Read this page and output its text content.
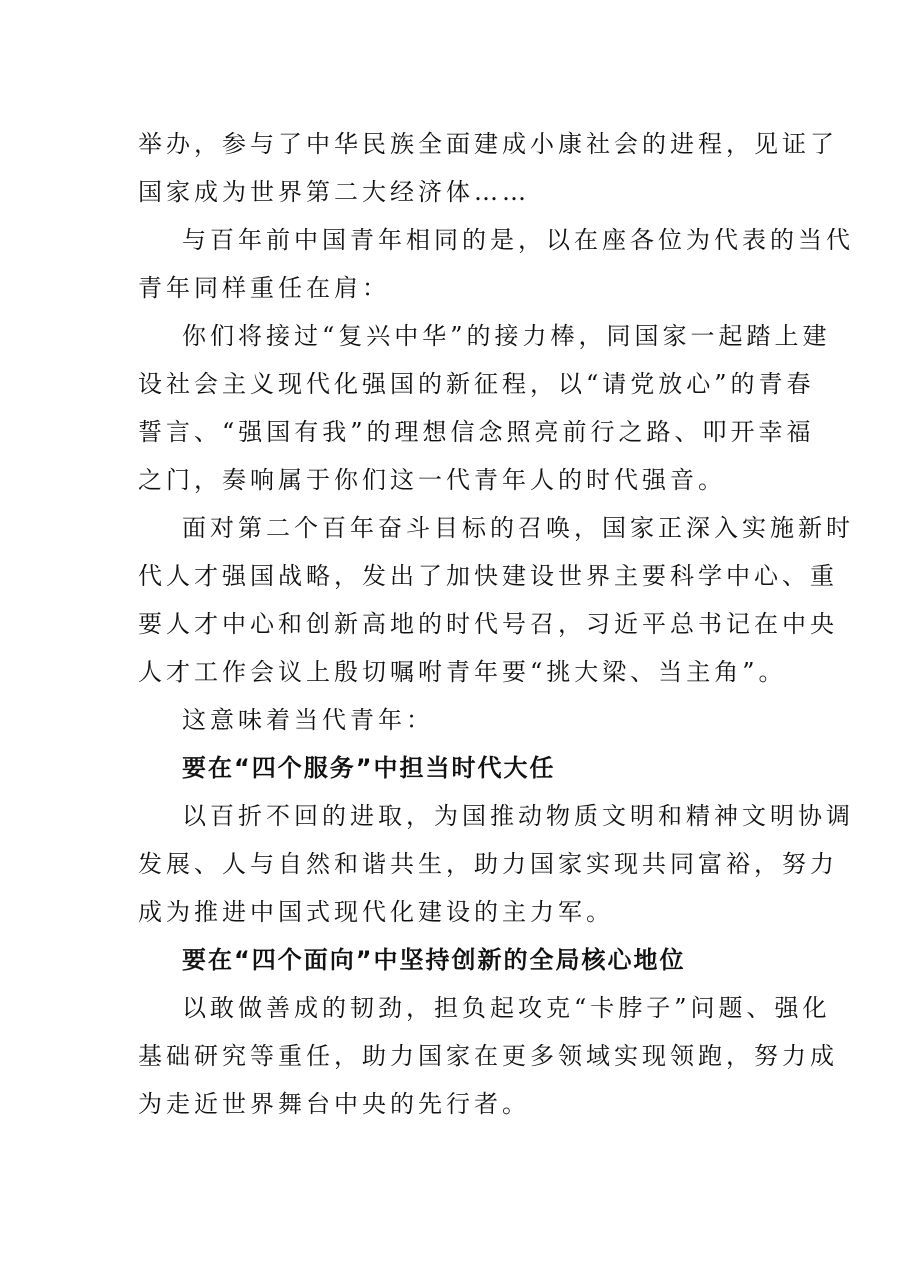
举办，参与了中华民族全面建成小康社会的进程，见证了
国家成为世界第二大经济体……
与百年前中国青年相同的是，以在座各位为代表的当代
青年同样重任在肩：
你们将接过“复兴中华”的接力棒，同国家一起踏上建
设社会主义现代化强国的新征程，以“请党放心”的青春
誓言、“强国有我”的理想信念照亮前行之路、叩开幸福
之门，奏响属于你们这一代青年人的时代强音。
面对第二个百年奋斗目标的召唤，国家正深入实施新时
代人才强国战略，发出了加快建设世界主要科学中心、重
要人才中心和创新高地的时代号召，习近平总书记在中央
人才工作会议上殷切嘱咐青年要“挑大梁、当主角”。
这意味着当代青年：
要在“四个服务”中担当时代大任
以百折不回的进取，为国推动物质文明和精神文明协调
发展、人与自然和谐共生，助力国家实现共同富裕，努力
成为推进中国式现代化建设的主力军。
要在“四个面向”中坚持创新的全局核心地位
以敢做善成的韧劲，担负起攻克“卡脖子”问题、强化
基础研究等重任，助力国家在更多领域实现领跑，努力成
为走近世界舞台中央的先行者。
